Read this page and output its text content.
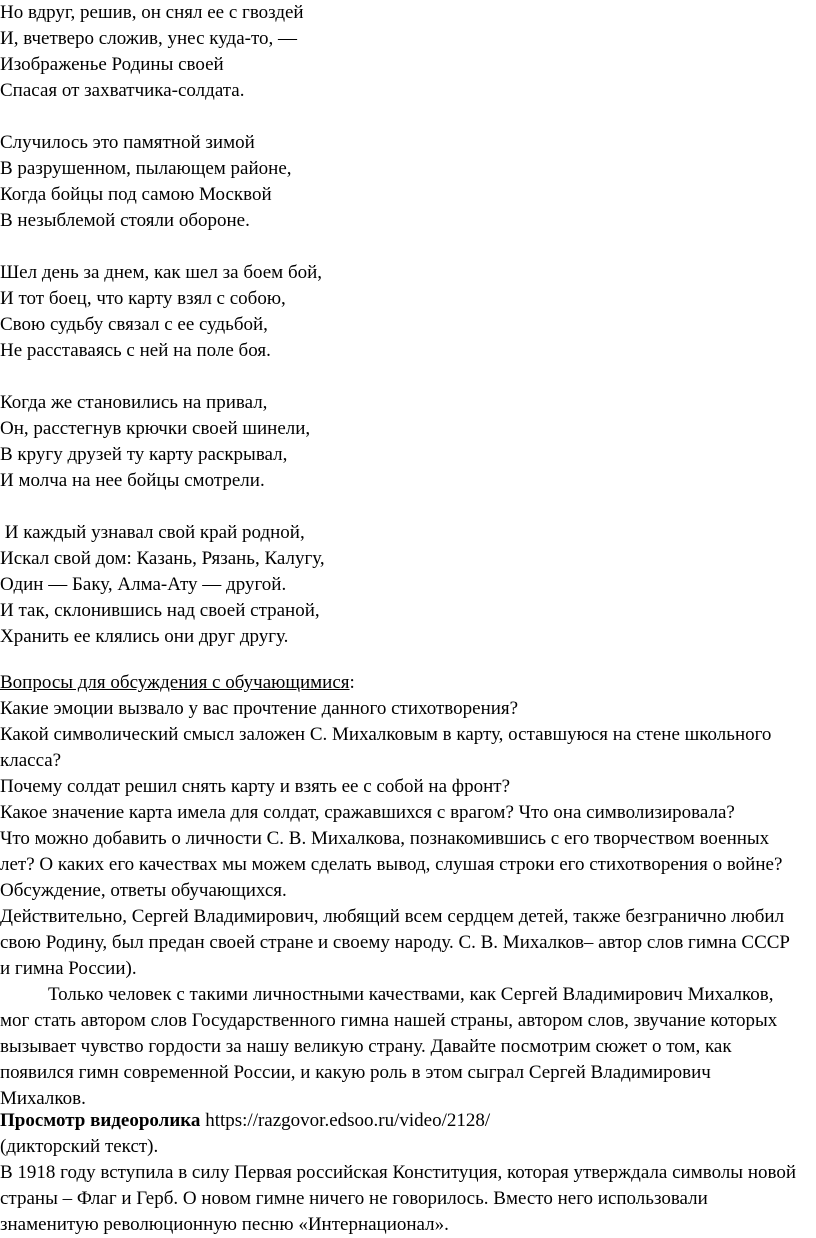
Но вдруг, решив, он снял ее с гвоздей
И, вчетверо сложив, унес куда-то, —
Изображенье Родины своей
Спасая от захватчика-солдата.
Случилось это памятной зимой
В разрушенном, пылающем районе,
Когда бойцы под самою Москвой
В незыблемой стояли обороне.
Шел день за днем, как шел за боем бой,
И тот боец, что карту взял с собою,
Свою судьбу связал с ее судьбой,
Не расставаясь с ней на поле боя.
Когда же становились на привал,
Он, расстегнув крючки своей шинели,
В кругу друзей ту карту раскрывал,
И молча на нее бойцы смотрели.
И каждый узнавал свой край родной,
Искал свой дом: Казань, Рязань, Калугу,
Один — Баку, Алма-Ату — другой.
И так, склонившись над своей страной,
Хранить ее клялись они друг другу.
Вопросы для обсуждения с обучающимися:
Какие эмоции вызвало у вас прочтение данного стихотворения?
Какой символический смысл заложен С. Михалковым в карту, оставшуюся на стене школьного
класса?
Почему солдат решил снять карту и взять ее с собой на фронт?
Какое значение карта имела для солдат, сражавшихся с врагом? Что она символизировала?
Что можно добавить о личности С. В. Михалкова, познакомившись с его творчеством военных
лет? О каких его качествах мы можем сделать вывод, слушая строки его стихотворения о войне?
Обсуждение, ответы обучающихся.
Действительно, Сергей Владимирович, любящий всем сердцем детей, также безгранично любил
свою Родину, был предан своей стране и своему народу. С. В. Михалков– автор слов гимна СССР
и гимна России).
Только человек с такими личностными качествами, как Сергей Владимирович Михалков,
мог стать автором слов Государственного гимна нашей страны, автором слов, звучание которых
вызывает чувство гордости за нашу великую страну. Давайте посмотрим сюжет о том, как
появился гимн современной России, и какую роль в этом сыграл Сергей Владимирович
Михалков.
Просмотр видеоролика https://razgovor.edsoo.ru/video/2128/
(дикторский текст).
В 1918 году вступила в силу Первая российская Конституция, которая утверждала символы новой
страны – Флаг и Герб. О новом гимне ничего не говорилось. Вместо него использовали
знаменитую революционную песню «Интернационал».
